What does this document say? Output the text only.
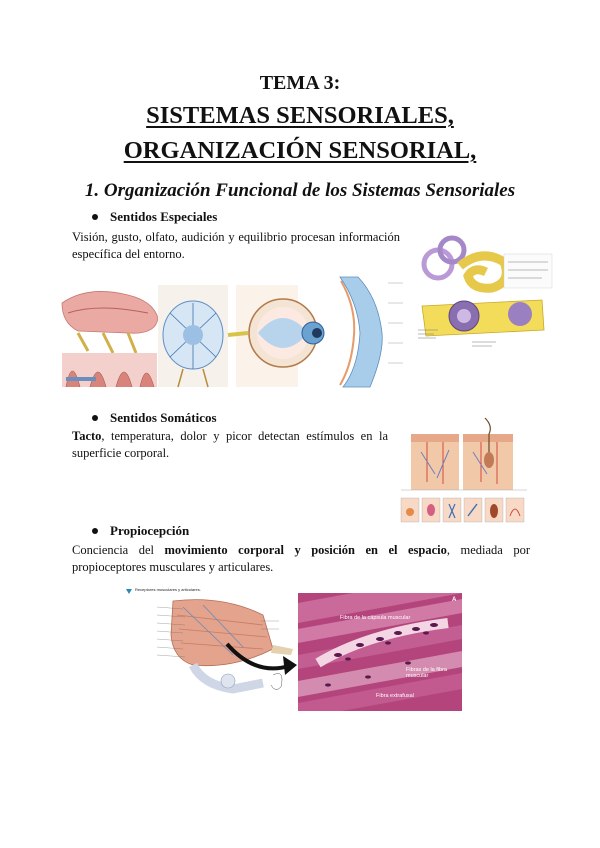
TEMA 3:
SISTEMAS SENSORIALES,
ORGANIZACIÓN SENSORIAL,
1. Organización Funcional de los Sistemas Sensoriales
Sentidos Especiales
Visión, gusto, olfato, audición y equilibrio procesan información específica del entorno.
Sentidos Somáticos
Tacto, temperatura, dolor y picor detectan estímulos en la superficie corporal.
Propiocepción
Conciencia del movimiento corporal y posición en el espacio, mediada por propioceptores musculares y articulares.
Receptores musculares y articulares.
Fibra de la cápsula muscular
Fibras de la fibra muscular
Fibra extrafusal
A
